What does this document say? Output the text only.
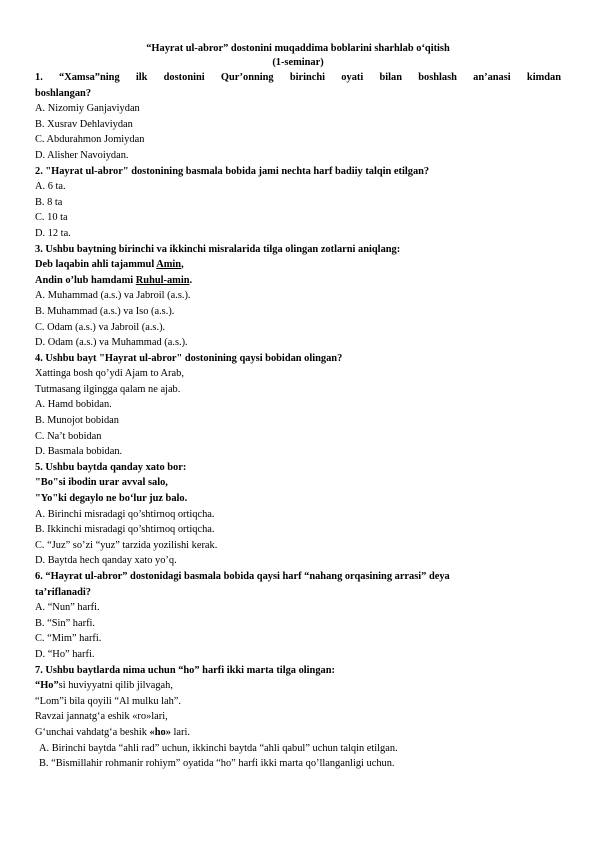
“Hayrat ul-abror” dostonini muqaddima boblarini sharhlab o‘qitish
(1-seminar)
1. “Xamsa”ning ilk dostonini Qur’onning birinchi oyati bilan boshlash an’anasi kimdan
boshlangan?
A. Nizomiy Ganjaviydan
B. Xusrav Dehlaviydan
C. Abdurahmon Jomiydan
D. Alisher Navoiydan.
2. "Hayrat ul-abror" dostonining basmala bobida jami nechta harf badiiy talqin etilgan?
A. 6 ta.
B. 8 ta
C. 10 ta
D. 12 ta.
3. Ushbu baytning birinchi va ikkinchi misralarida tilga olingan zotlarni aniqlang:
Deb laqabin ahli tajammul Amin,
Andin o’lub hamdami Ruhul-amin.
A. Muhammad (a.s.) va Jabroil (a.s.).
B. Muhammad (a.s.) va Iso (a.s.).
C. Odam (a.s.) va Jabroil (a.s.).
D. Odam (a.s.) va Muhammad (a.s.).
4. Ushbu bayt "Hayrat ul-abror" dostonining qaysi bobidan olingan?
Xattinga bosh qo’ydi Ajam to Arab,
Tutmasang ilgingga qalam ne ajab.
A. Hamd bobidan.
B. Munojot bobidan
C. Na’t bobidan
D. Basmala bobidan.
5. Ushbu baytda qanday xato bor:
"Bo"si ibodin urar avval salo,
"Yo"ki degaylo ne bo‘lur juz balo.
A. Birinchi misradagi qo’shtirnoq ortiqcha.
B. Ikkinchi misradagi qo’shtirnoq ortiqcha.
C. “Juz” so’zi “yuz” tarzida yozilishi kerak.
D. Baytda hech qanday xato yo’q.
6. “Hayrat ul-abror” dostonidagi basmala bobida qaysi harf “nahang orqasining arrasi” deya
ta’riflanadi?
A. “Nun” harfi.
B. “Sin” harfi.
C. “Mim” harfi.
D. “Ho” harfi.
7. Ushbu baytlarda nima uchun “ho” harfi ikki marta tilga olingan:
“Ho”si huviyyatni qilib jilvagah,
“Lom”i bila qoyili “Al mulku lah”.
Ravzai jannatg‘a eshik «ro»lari,
G‘unchai vahdatg‘a beshik «ho» lari.
A. Birinchi baytda “ahli rad” uchun, ikkinchi baytda “ahli qabul” uchun talqin etilgan.
B. “Bismillahir rohmanir rohiym” oyatida “ho” harfi ikki marta qo’llanganligi uchun.
